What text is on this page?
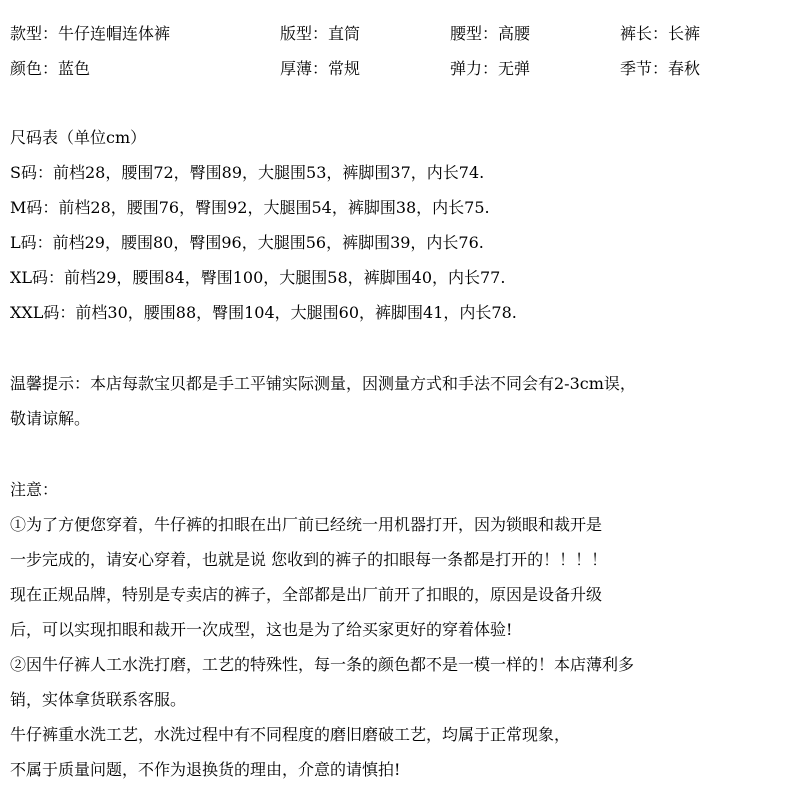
款型：牛仔连帽连体裤	版型：直筒	腰型：高腰	裤长：长裤
颜色：蓝色	厚薄：常规	弹力：无弹	季节：春秋
尺码表（单位cm）
S码：前档28，腰围72，臀围89，大腿围53，裤脚围37，内长74.
M码：前档28，腰围76，臀围92，大腿围54，裤脚围38，内长75.
L码：前档29，腰围80，臀围96，大腿围56，裤脚围39，内长76.
XL码：前档29，腰围84，臀围100，大腿围58，裤脚围40，内长77.
XXL码：前档30，腰围88，臀围104，大腿围60，裤脚围41，内长78.
温馨提示：本店每款宝贝都是手工平铺实际测量，因测量方式和手法不同会有2-3cm误，
敬请谅解。
注意：
①为了方便您穿着，牛仔裤的扣眼在出厂前已经统一用机器打开，因为锁眼和裁开是
一步完成的，请安心穿着，也就是说 您收到的裤子的扣眼每一条都是打开的！！！！
现在正规品牌，特别是专卖店的裤子，全部都是出厂前开了扣眼的，原因是设备升级
后，可以实现扣眼和裁开一次成型，这也是为了给买家更好的穿着体验!
②因牛仔裤人工水洗打磨，工艺的特殊性，每一条的颜色都不是一模一样的！本店薄利多
销，实体拿货联系客服。
牛仔裤重水洗工艺，水洗过程中有不同程度的磨旧磨破工艺，均属于正常现象，
不属于质量问题，不作为退换货的理由，介意的请慎拍!
